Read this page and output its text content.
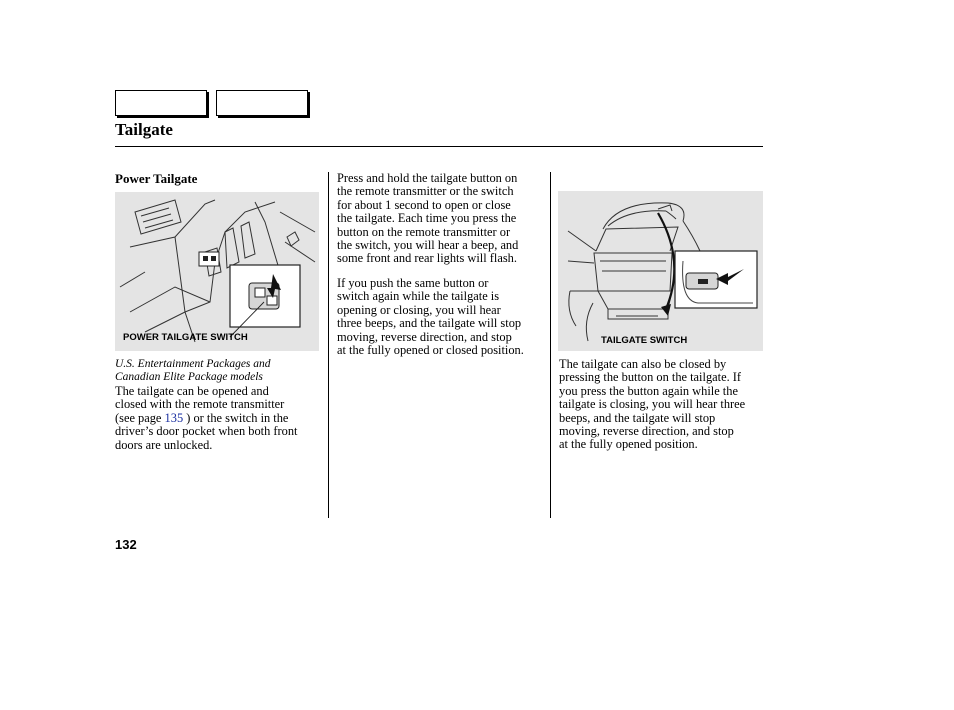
Tailgate
Power Tailgate
POWER TAILGATE SWITCH	TAILGATE SWITCH
U.S. Entertainment Packages and
Canadian Elite Package models
The tailgate can be opened and
closed with the remote transmitter
(see page 135 ) or the switch in the
driver’s door pocket when both front
doors are unlocked.
Press and hold the tailgate button on
the remote transmitter or the switch
for about 1 second to open or close
the tailgate. Each time you press the
button on the remote transmitter or
the switch, you will hear a beep, and
some front and rear lights will flash.
If you push the same button or
switch again while the tailgate is
opening or closing, you will hear
three beeps, and the tailgate will stop
moving, reverse direction, and stop
at the fully opened or closed position.
The tailgate can also be closed by
pressing the button on the tailgate. If
you press the button again while the
tailgate is closing, you will hear three
beeps, and the tailgate will stop
moving, reverse direction, and stop
at the fully opened position.
132
